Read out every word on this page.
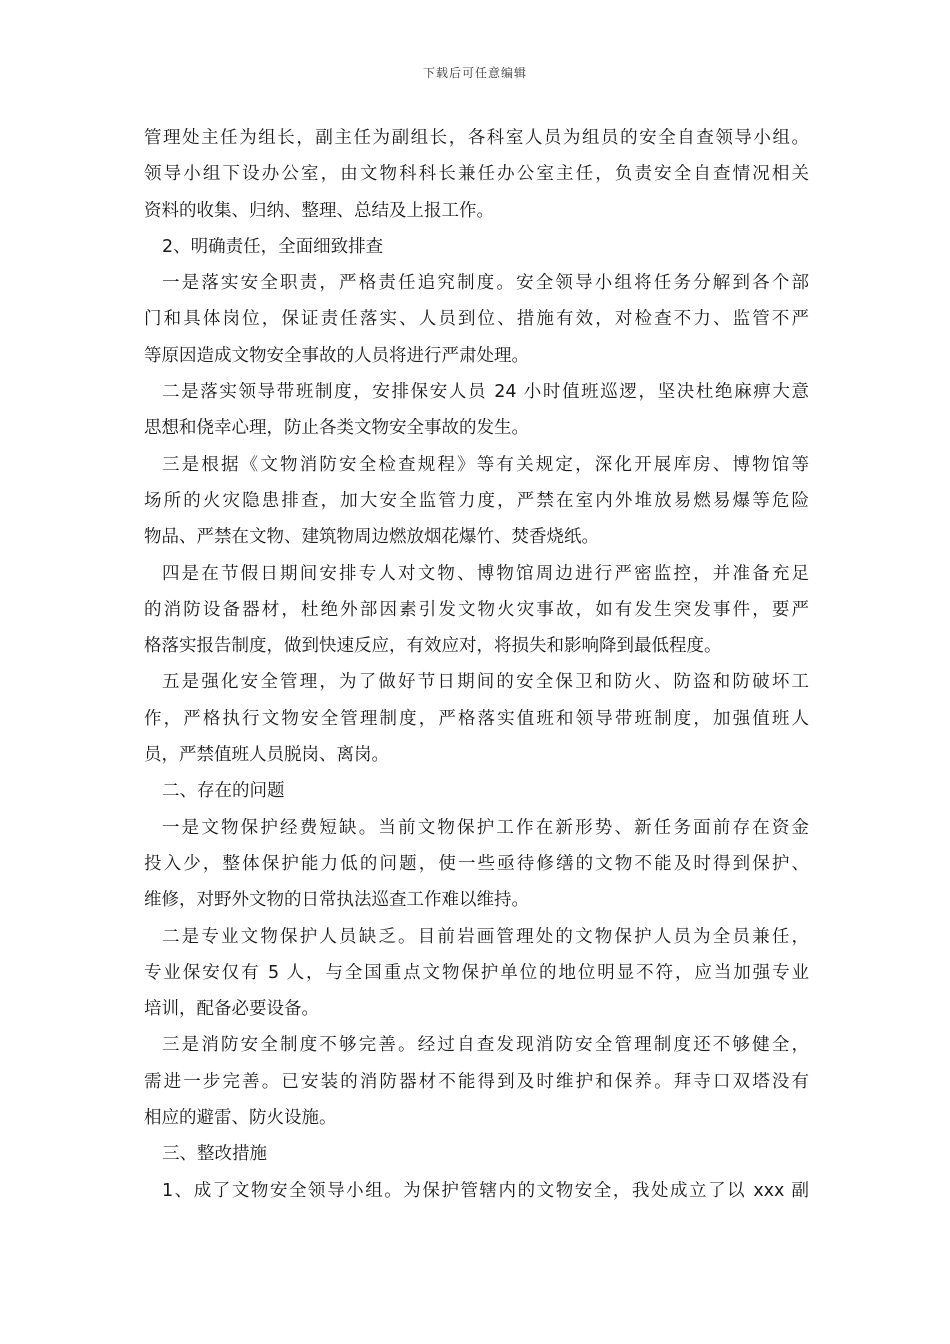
下载后可任意编辑
管理处主任为组长，副主任为副组长，各科室人员为组员的安全自查领导小组。
领导小组下设办公室，由文物科科长兼任办公室主任，负责安全自查情况相关
资料的收集、归纳、整理、总结及上报工作。
2、明确责任，全面细致排查
一是落实安全职责，严格责任追究制度。安全领导小组将任务分解到各个部
门和具体岗位，保证责任落实、人员到位、措施有效，对检查不力、监管不严
等原因造成文物安全事故的人员将进行严肃处理。
二是落实领导带班制度，安排保安人员 24 小时值班巡逻，坚决杜绝麻痹大意
思想和侥幸心理，防止各类文物安全事故的发生。
三是根据《文物消防安全检查规程》等有关规定，深化开展库房、博物馆等
场所的火灾隐患排查，加大安全监管力度，严禁在室内外堆放易燃易爆等危险
物品、严禁在文物、建筑物周边燃放烟花爆竹、焚香烧纸。
四是在节假日期间安排专人对文物、博物馆周边进行严密监控，并准备充足
的消防设备器材，杜绝外部因素引发文物火灾事故，如有发生突发事件，要严
格落实报告制度，做到快速反应，有效应对，将损失和影响降到最低程度。
五是强化安全管理，为了做好节日期间的安全保卫和防火、防盗和防破坏工
作，严格执行文物安全管理制度，严格落实值班和领导带班制度，加强值班人
员，严禁值班人员脱岗、离岗。
二、存在的问题
一是文物保护经费短缺。当前文物保护工作在新形势、新任务面前存在资金
投入少，整体保护能力低的问题，使一些亟待修缮的文物不能及时得到保护、
维修，对野外文物的日常执法巡查工作难以维持。
二是专业文物保护人员缺乏。目前岩画管理处的文物保护人员为全员兼任，
专业保安仅有 5 人，与全国重点文物保护单位的地位明显不符，应当加强专业
培训，配备必要设备。
三是消防安全制度不够完善。经过自查发现消防安全管理制度还不够健全，
需进一步完善。已安装的消防器材不能得到及时维护和保养。拜寺口双塔没有
相应的避雷、防火设施。
三、整改措施
1、成了文物安全领导小组。为保护管辖内的文物安全，我处成立了以 xxx 副
